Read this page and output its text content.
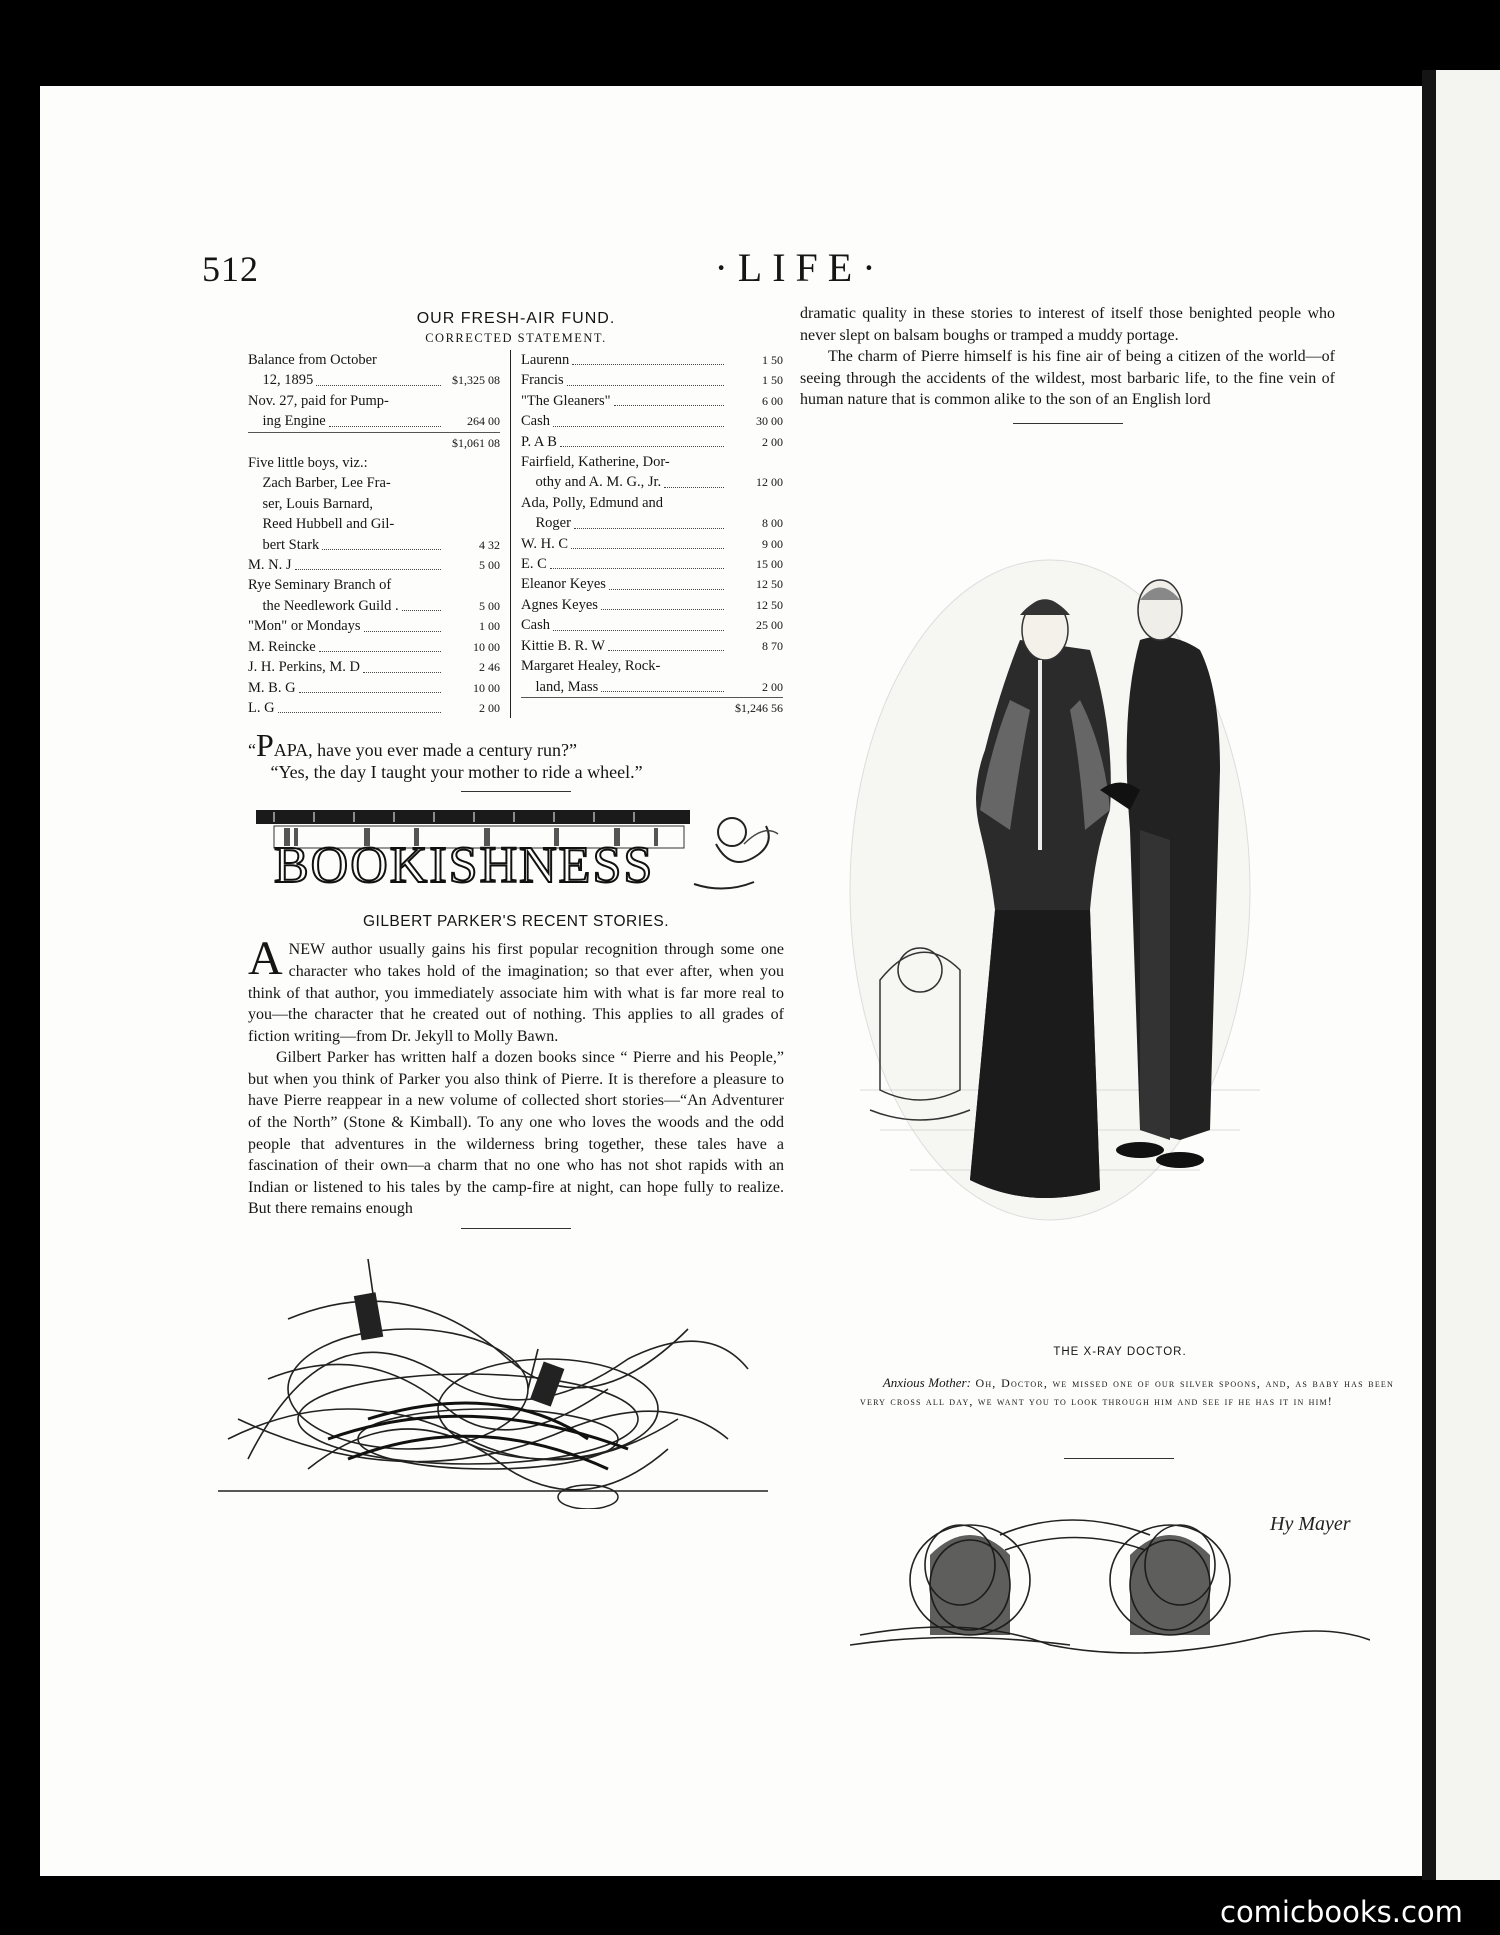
512	·LIFE·

OUR FRESH-AIR FUND.

CORRECTED STATEMENT.

Balance from October
12, 1895	$1,325 08
Nov. 27, paid for Pump-
ing Engine	264 00
$1,061 08
Five little boys, viz.:
Zach Barber, Lee Fra-
ser, Louis Barnard,
Reed Hubbell and Gil-
bert Stark	4 32
M. N. J	5 00
Rye Seminary Branch of
the Needlework Guild .	5 00
"Mon" or Mondays	1 00
M. Reincke	10 00
J. H. Perkins, M. D	2 46
M. B. G	10 00
L. G	2 00
Laurenn	1 50
Francis	1 50
"The Gleaners"	6 00
Cash	30 00
P. A B	2 00
Fairfield, Katherine, Dor-
othy and A. M. G., Jr.	12 00
Ada, Polly, Edmund and
Roger	8 00
W. H. C	9 00
E. C	15 00
Eleanor Keyes	12 50
Agnes Keyes	12 50
Cash	25 00
Kittie B. R. W	8 70
Margaret Healey, Rock-
land, Mass	2 00
$1,246 56

“PAPA, have you ever made a century run?”
“Yes, the day I taught your mother to ride a wheel.”

BOOKISHNESS

GILBERT PARKER'S RECENT STORIES.

ANEW author usually gains his first popular recognition through some one character who takes hold of the imagination; so that ever after, when you think of that author, you immediately associate him with what is far more real to you—the character that he created out of nothing. This applies to all grades of fiction writing—from Dr. Jekyll to Molly Bawn.

Gilbert Parker has written half a dozen books since “ Pierre and his People,” but when you think of Parker you also think of Pierre. It is therefore a pleasure to have Pierre reappear in a new volume of collected short stories—“An Adventurer of the North” (Stone & Kimball). To any one who loves the woods and the odd people that adventures in the wilderness bring together, these tales have a fascination of their own—a charm that no one who has not shot rapids with an Indian or listened to his tales by the camp-fire at night, can hope fully to realize. But there remains enough

dramatic quality in these stories to interest of itself those benighted people who never slept on balsam boughs or tramped a muddy portage.

The charm of Pierre himself is his fine air of being a citizen of the world—of seeing through the accidents of the wildest, most barbaric life, to the fine vein of human nature that is common alike to the son of an English lord

THE X-RAY DOCTOR.
Anxious Mother: Oh, Doctor, we missed one of our silver spoons, and, as baby has been very cross all day, we want you to look through him and see if he has it in him!
Hy Mayer
comicbooks.com
